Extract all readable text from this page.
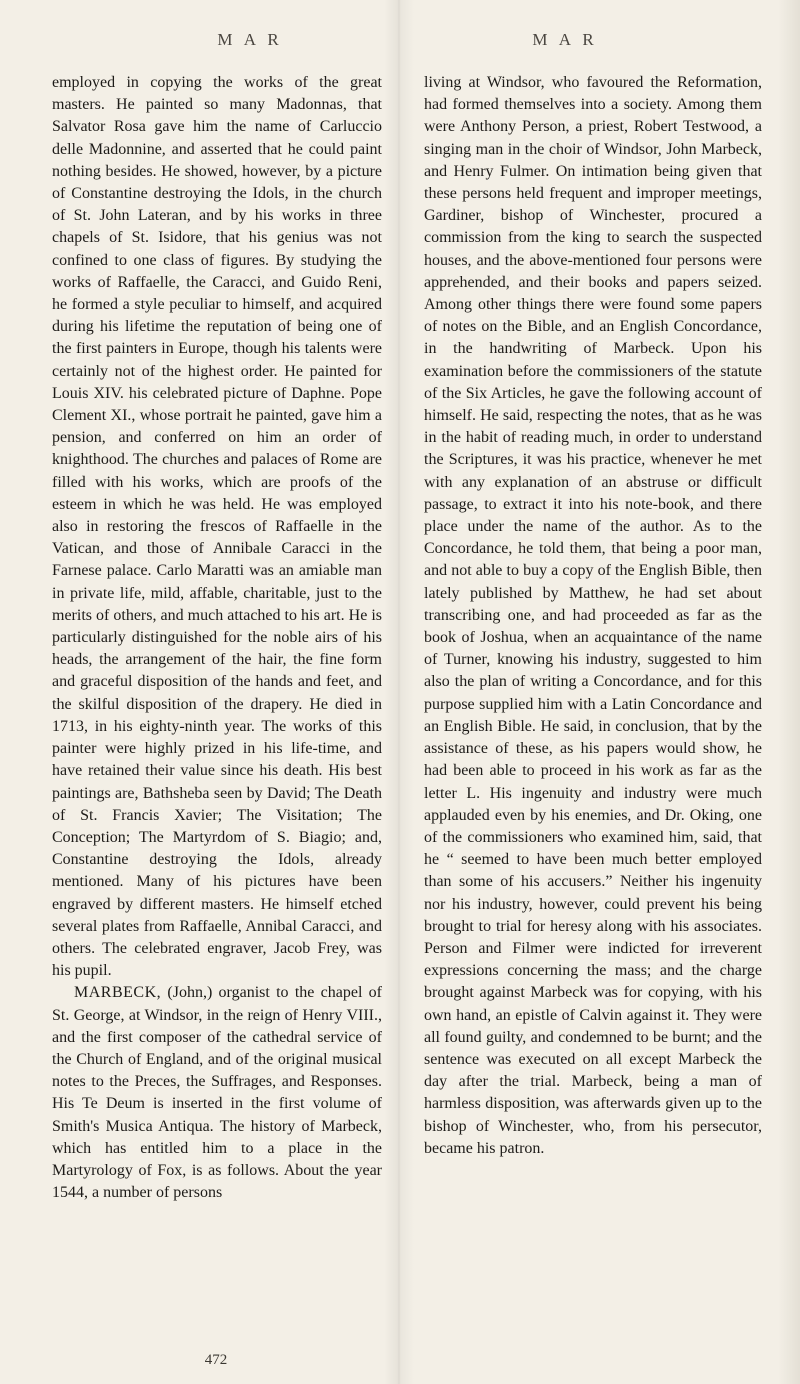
M A R	M A R

employed in copying the works of the great masters. He painted so many Madonnas, that Salvator Rosa gave him the name of Carluccio delle Madonnine, and asserted that he could paint nothing besides. He showed, however, by a picture of Constantine destroying the Idols, in the church of St. John Lateran, and by his works in three chapels of St. Isidore, that his genius was not confined to one class of figures. By studying the works of Raffaelle, the Caracci, and Guido Reni, he formed a style peculiar to himself, and acquired during his lifetime the reputation of being one of the first painters in Europe, though his talents were certainly not of the highest order. He painted for Louis XIV. his celebrated picture of Daphne. Pope Clement XI., whose portrait he painted, gave him a pension, and conferred on him an order of knighthood. The churches and palaces of Rome are filled with his works, which are proofs of the esteem in which he was held. He was employed also in restoring the frescos of Raffaelle in the Vatican, and those of Annibale Caracci in the Farnese palace. Carlo Maratti was an amiable man in private life, mild, affable, charitable, just to the merits of others, and much attached to his art. He is particularly distinguished for the noble airs of his heads, the arrangement of the hair, the fine form and graceful disposition of the hands and feet, and the skilful disposition of the drapery. He died in 1713, in his eighty-ninth year. The works of this painter were highly prized in his life-time, and have retained their value since his death. His best paintings are, Bathsheba seen by David; The Death of St. Francis Xavier; The Visitation; The Conception; The Martyrdom of S. Biagio; and, Constantine destroying the Idols, already mentioned. Many of his pictures have been engraved by different masters. He himself etched several plates from Raffaelle, Annibal Caracci, and others. The celebrated engraver, Jacob Frey, was his pupil.

MARBECK, (John,) organist to the chapel of St. George, at Windsor, in the reign of Henry VIII., and the first composer of the cathedral service of the Church of England, and of the original musical notes to the Preces, the Suffrages, and Responses. His Te Deum is inserted in the first volume of Smith's Musica Antiqua. The history of Marbeck, which has entitled him to a place in the Martyrology of Fox, is as follows. About the year 1544, a number of persons

living at Windsor, who favoured the Reformation, had formed themselves into a society. Among them were Anthony Person, a priest, Robert Testwood, a singing man in the choir of Windsor, John Marbeck, and Henry Fulmer. On intimation being given that these persons held frequent and improper meetings, Gardiner, bishop of Winchester, procured a commission from the king to search the suspected houses, and the above-mentioned four persons were apprehended, and their books and papers seized. Among other things there were found some papers of notes on the Bible, and an English Concordance, in the handwriting of Marbeck. Upon his examination before the commissioners of the statute of the Six Articles, he gave the following account of himself. He said, respecting the notes, that as he was in the habit of reading much, in order to understand the Scriptures, it was his practice, whenever he met with any explanation of an abstruse or difficult passage, to extract it into his note-book, and there place under the name of the author. As to the Concordance, he told them, that being a poor man, and not able to buy a copy of the English Bible, then lately published by Matthew, he had set about transcribing one, and had proceeded as far as the book of Joshua, when an acquaintance of the name of Turner, knowing his industry, suggested to him also the plan of writing a Concordance, and for this purpose supplied him with a Latin Concordance and an English Bible. He said, in conclusion, that by the assistance of these, as his papers would show, he had been able to proceed in his work as far as the letter L. His ingenuity and industry were much applauded even by his enemies, and Dr. Oking, one of the commissioners who examined him, said, that he “ seemed to have been much better employed than some of his accusers.” Neither his ingenuity nor his industry, however, could prevent his being brought to trial for heresy along with his associates. Person and Filmer were indicted for irreverent expressions concerning the mass; and the charge brought against Marbeck was for copying, with his own hand, an epistle of Calvin against it. They were all found guilty, and condemned to be burnt; and the sentence was executed on all except Marbeck the day after the trial. Marbeck, being a man of harmless disposition, was afterwards given up to the bishop of Winchester, who, from his persecutor, became his patron.

472
